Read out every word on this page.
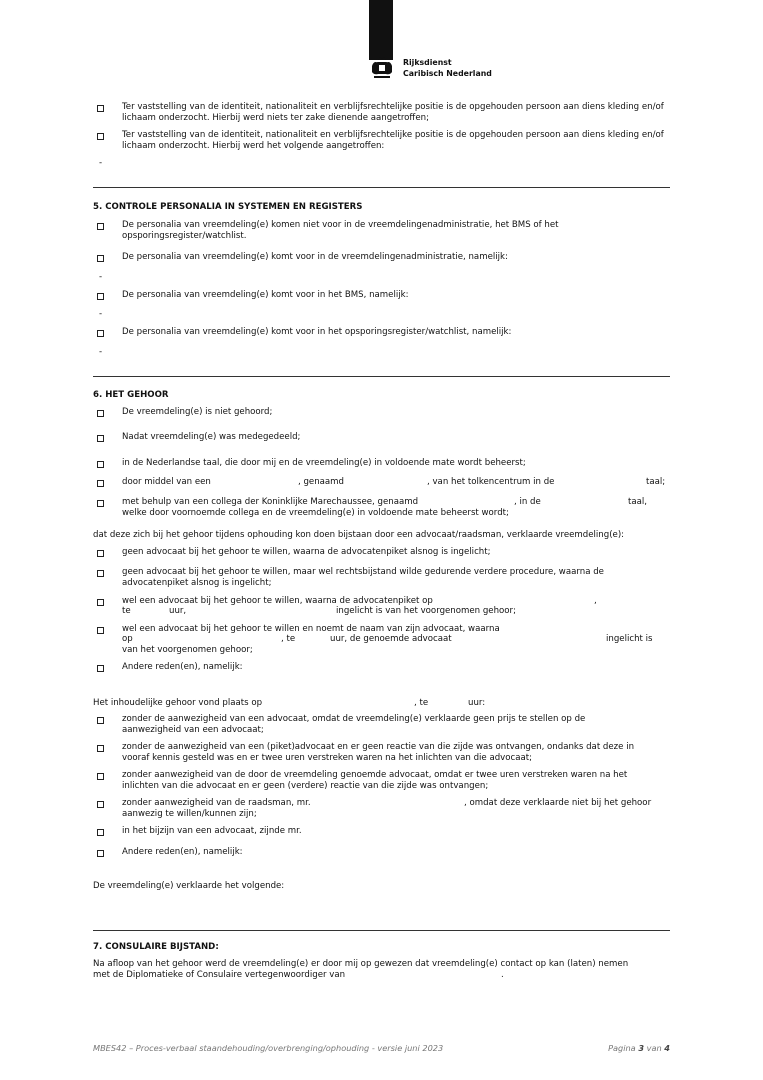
Rijksdienst
Caribisch Nederland
Ter vaststelling van de identiteit, nationaliteit en verblijfsrechtelijke positie is de opgehouden persoon aan diens kleding en/of lichaam onderzocht. Hierbij werd niets ter zake dienende aangetroffen;
Ter vaststelling van de identiteit, nationaliteit en verblijfsrechtelijke positie is de opgehouden persoon aan diens kleding en/of lichaam onderzocht. Hierbij werd het volgende aangetroffen:
-
5. CONTROLE PERSONALIA IN SYSTEMEN EN REGISTERS
De personalia van vreemdeling(e) komen niet voor in de vreemdelingenadministratie, het BMS of het opsporingsregister/watchlist.
De personalia van vreemdeling(e) komt voor in de vreemdelingenadministratie, namelijk:
-
De personalia van vreemdeling(e) komt voor in het BMS, namelijk:
-
De personalia van vreemdeling(e) komt voor in het opsporingsregister/watchlist, namelijk:
-
6. HET GEHOOR
De vreemdeling(e) is niet gehoord;
Nadat vreemdeling(e) was medegedeeld;
in de Nederlandse taal, die door mij en de vreemdeling(e) in voldoende mate wordt beheerst;
door middel van een	, genaamd	, van het tolkencentrum in de	taal;
met behulp van een collega der Koninklijke Marechaussee, genaamd	, in de	taal,
welke door voornoemde collega en de vreemdeling(e) in voldoende mate beheerst wordt;
dat deze zich bij het gehoor tijdens ophouding kon doen bijstaan door een advocaat/raadsman, verklaarde vreemdeling(e):
geen advocaat bij het gehoor te willen, waarna de advocatenpiket alsnog is ingelicht;
geen advocaat bij het gehoor te willen, maar wel rechtsbijstand wilde gedurende verdere procedure, waarna de
advocatenpiket alsnog is ingelicht;
wel een advocaat bij het gehoor te willen, waarna de advocatenpiket op	,
te	uur,	ingelicht is van het voorgenomen gehoor;
wel een advocaat bij het gehoor te willen en noemt de naam van zijn advocaat, waarna
op	, te	uur, de genoemde advocaat	ingelicht is
van het voorgenomen gehoor;
Andere reden(en), namelijk:
Het inhoudelijke gehoor vond plaats op	, te	uur:
zonder de aanwezigheid van een advocaat, omdat de vreemdeling(e) verklaarde geen prijs te stellen op de
aanwezigheid van een advocaat;
zonder de aanwezigheid van een (piket)advocaat en er geen reactie van die zijde was ontvangen, ondanks dat deze in
vooraf kennis gesteld was en er twee uren verstreken waren na het inlichten van die advocaat;
zonder aanwezigheid van de door de vreemdeling genoemde advocaat, omdat er twee uren verstreken waren na het
inlichten van die advocaat en er geen (verdere) reactie van die zijde was ontvangen;
zonder aanwezigheid van de raadsman, mr.	, omdat deze verklaarde niet bij het gehoor
aanwezig te willen/kunnen zijn;
in het bijzijn van een advocaat, zijnde mr.
Andere reden(en), namelijk:
De vreemdeling(e) verklaarde het volgende:
7. CONSULAIRE BIJSTAND:
Na afloop van het gehoor werd de vreemdeling(e) er door mij op gewezen dat vreemdeling(e) contact op kan (laten) nemen
met de Diplomatieke of Consulaire vertegenwoordiger van	.
MBES42 – Proces-verbaal staandehouding/overbrenging/ophouding - versie juni 2023	Pagina 3 van 4
